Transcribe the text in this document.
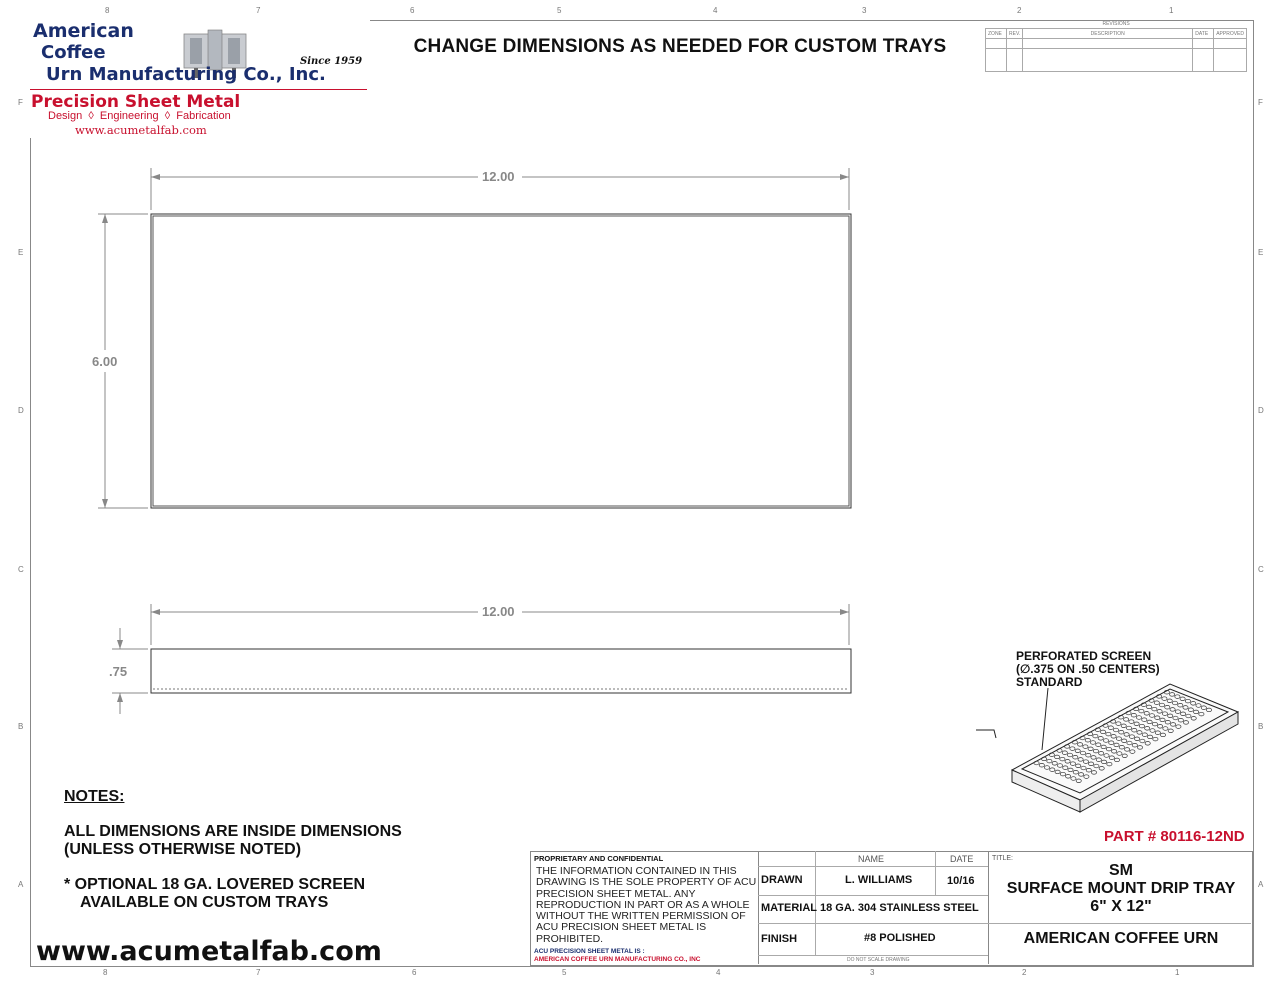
8	7	6	5	4	3	2	1
8	7	6	5	4	3	2	1
F
E
D
C
B
A
F
E
D
C
B
A
American
Coffee
Urn Manufacturing Co., Inc.
Since 1959
Precision Sheet Metal
Design  ◊  Engineering  ◊  Fabrication
www.acumetalfab.com
CHANGE DIMENSIONS AS NEEDED FOR CUSTOM TRAYS
REVISIONS				
ZONE	REV.	DESCRIPTION	DATE	APPROVED

12.00
6.00
12.00
.75
PERFORATED SCREEN
(∅.375 ON .50 CENTERS)
STANDARD
PART # 80116-12ND
NOTES:
ALL DIMENSIONS ARE INSIDE DIMENSIONS
(UNLESS OTHERWISE NOTED)
* OPTIONAL 18 GA. LOVERED SCREEN
AVAILABLE ON CUSTOM TRAYS
www.acumetalfab.com
PROPRIETARY AND CONFIDENTIAL
THE INFORMATION CONTAINED IN THIS DRAWING IS THE SOLE PROPERTY OF ACU PRECISION SHEET METAL. ANY REPRODUCTION IN PART OR AS A WHOLE WITHOUT THE WRITTEN PERMISSION OF ACU PRECISION SHEET METAL IS PROHIBITED.
ACU PRECISION SHEET METAL IS :
AMERICAN COFFEE URN MANUFACTURING CO., INC
NAME	DATE
DRAWN	L. WILLIAMS	10/16
MATERIAL 18 GA. 304 STAINLESS STEEL
FINISH	#8 POLISHED
DO NOT SCALE DRAWING
TITLE:
SM
SURFACE MOUNT DRIP TRAY
6" X 12"
AMERICAN COFFEE URN
